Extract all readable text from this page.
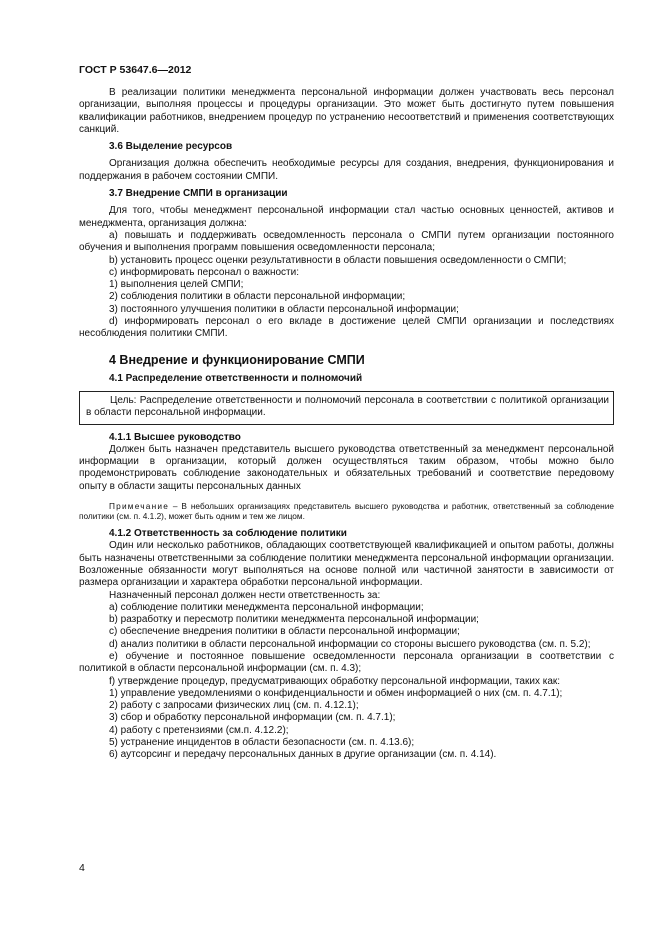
ГОСТ Р 53647.6—2012

В реализации политики менеджмента персональной информации должен участвовать весь персонал организации, выполняя процессы и процедуры организации. Это может быть достигнуто путем повышения квалификации работников, внедрением процедур по устранению несоответствий и применения соответствующих санкций.

3.6 Выделение ресурсов

Организация должна обеспечить необходимые ресурсы для создания, внедрения, функционирования и поддержания в рабочем состоянии СМПИ.

3.7 Внедрение СМПИ в организации

Для того, чтобы менеджмент персональной информации стал частью основных ценностей, активов и менеджмента, организация должна:

а) повышать и поддерживать осведомленность персонала о СМПИ путем организации постоянного обучения и выполнения программ повышения осведомленности персонала;

b) установить процесс оценки результативности в области повышения осведомленности о СМПИ;

с) информировать персонал о важности:

1) выполнения целей СМПИ;

2) соблюдения политики в области персональной информации;

3) постоянного улучшения политики в области персональной информации;

d) информировать персонал о его вкладе в достижение целей СМПИ организации и последствиях несоблюдения политики СМПИ.

4 Внедрение и функционирование СМПИ

4.1 Распределение ответственности и полномочий

Цель: Распределение ответственности и полномочий персонала в соответствии с политикой организации в области персональной информации.

4.1.1 Высшее руководство

Должен быть назначен представитель высшего руководства ответственный за менеджмент персональной информации в организации, который должен осуществляться таким образом, чтобы можно было продемонстрировать соблюдение законодательных и обязательных требований и соответствие передовому опыту в области защиты персональных данных

Примечание – В небольших организациях представитель высшего руководства и работник, ответственный за соблюдение политики (см. п. 4.1.2), может быть одним и тем же лицом.

4.1.2 Ответственность за соблюдение политики

Один или несколько работников, обладающих соответствующей квалификацией и опытом работы, должны быть назначены ответственными за соблюдение политики менеджмента персональной информации организации. Возложенные обязанности могут выполняться на основе полной или частичной занятости в зависимости от размера организации и характера обработки персональной информации.

Назначенный персонал должен нести ответственность за:

а) соблюдение политики менеджмента персональной информации;

b) разработку и пересмотр политики менеджмента персональной информации;

с) обеспечение внедрения политики в области персональной информации;

d) анализ политики в области персональной информации со стороны высшего руководства (см. п. 5.2);

е) обучение и постоянное повышение осведомленности персонала организации в соответствии с политикой в области персональной информации (см. п. 4.3);

f) утверждение процедур, предусматривающих обработку персональной информации, таких как:

1) управление уведомлениями о конфиденциальности и обмен информацией о них (см. п. 4.7.1);

2) работу с запросами физических лиц (см. п. 4.12.1);

3) сбор и обработку персональной информации (см. п. 4.7.1);

4) работу с претензиями (см.п. 4.12.2);

5) устранение инцидентов в области безопасности (см. п. 4.13.6);

6) аутсорсинг и передачу персональных данных в другие организации (см. п. 4.14).

4
